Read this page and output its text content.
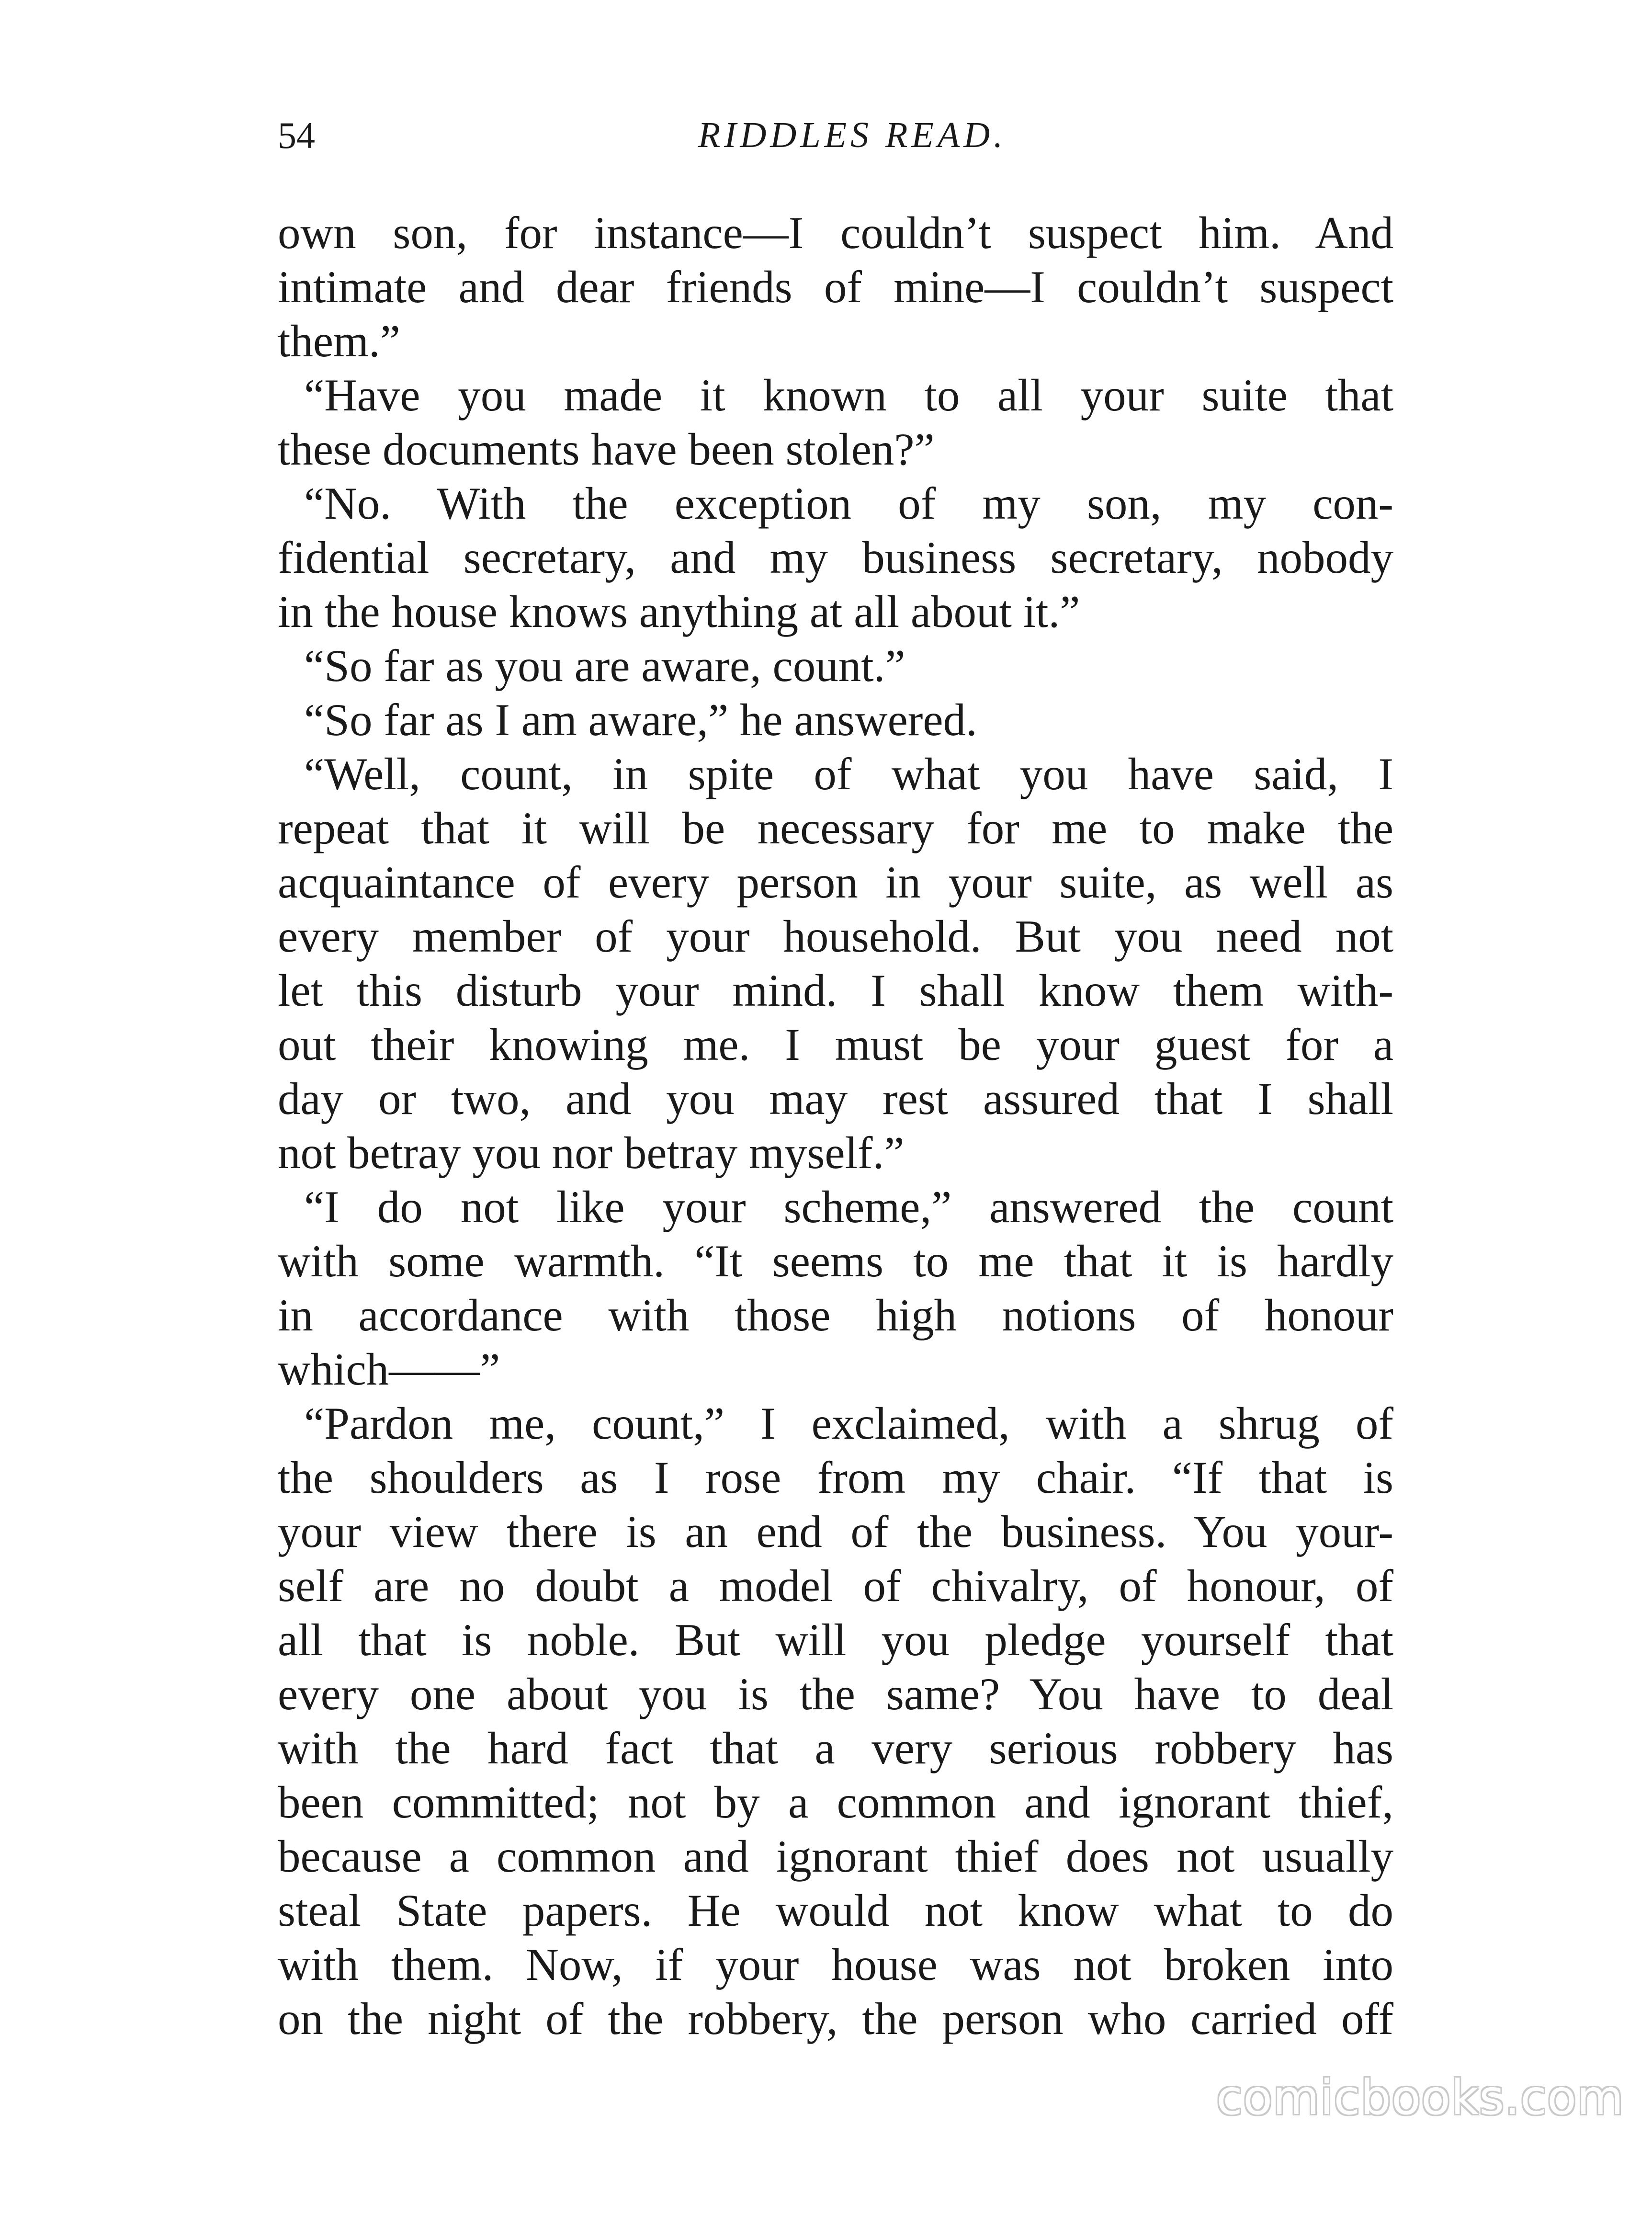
54	RIDDLES READ.
own son, for instance—I couldn’t suspect him. And
intimate and dear friends of mine—I couldn’t suspect
them.”
“Have you made it known to all your suite that
these documents have been stolen?”
“No. With the exception of my son, my con-
fidential secretary, and my business secretary, nobody
in the house knows anything at all about it.”
“So far as you are aware, count.”
“So far as I am aware,” he answered.
“Well, count, in spite of what you have said, I
repeat that it will be necessary for me to make the
acquaintance of every person in your suite, as well as
every member of your household. But you need not
let this disturb your mind. I shall know them with-
out their knowing me. I must be your guest for a
day or two, and you may rest assured that I shall
not betray you nor betray myself.”
“I do not like your scheme,” answered the count
with some warmth. “It seems to me that it is hardly
in accordance with those high notions of honour
which——”
“Pardon me, count,” I exclaimed, with a shrug of
the shoulders as I rose from my chair. “If that is
your view there is an end of the business. You your-
self are no doubt a model of chivalry, of honour, of
all that is noble. But will you pledge yourself that
every one about you is the same? You have to deal
with the hard fact that a very serious robbery has
been committed; not by a common and ignorant thief,
because a common and ignorant thief does not usually
steal State papers. He would not know what to do
with them. Now, if your house was not broken into
on the night of the robbery, the person who carried off
comicbooks.com
